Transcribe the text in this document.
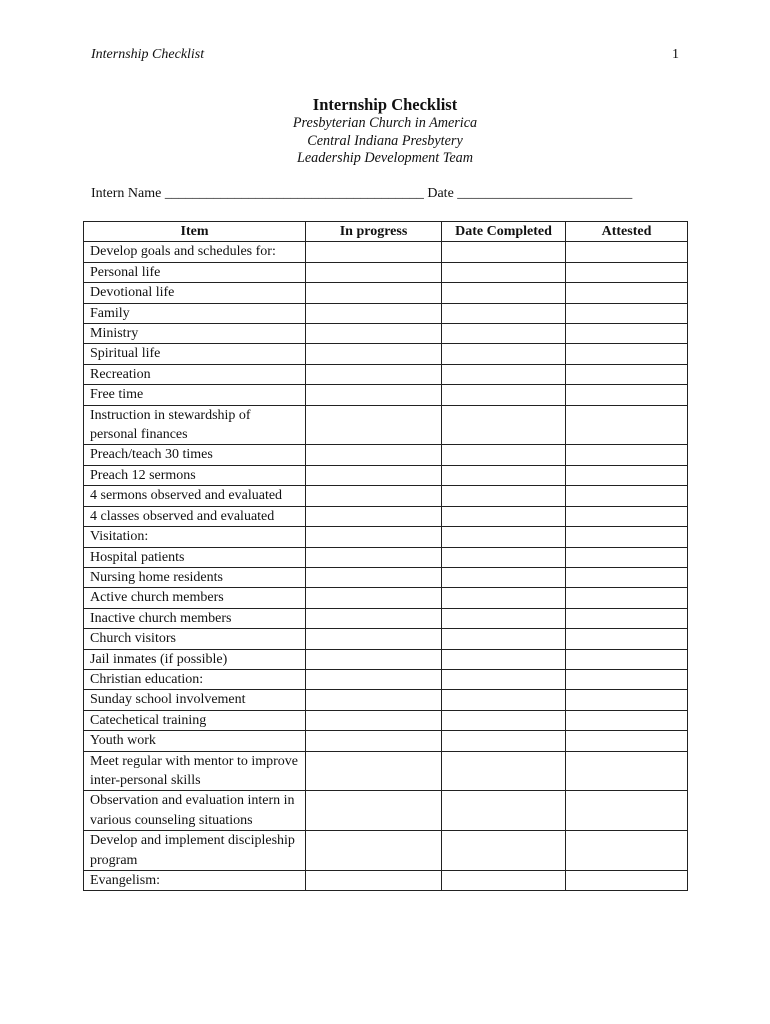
Internship Checklist	1
Internship Checklist
Presbyterian Church in America
Central Indiana Presbytery
Leadership Development Team
Intern Name _____________________________________ Date _________________________
Item	In progress	Date Completed	Attested
Develop goals and schedules for:			
Personal life			
Devotional life			
Family			
Ministry			
Spiritual life			
Recreation			
Free time			
Instruction in stewardship of personal finances			
Preach/teach 30 times			
Preach 12 sermons			
4 sermons observed and evaluated			
4 classes observed and evaluated			
Visitation:			
Hospital patients			
Nursing home residents			
Active church members			
Inactive church members			
Church visitors			
Jail inmates (if possible)			
Christian education:			
Sunday school involvement			
Catechetical training			
Youth work			
Meet regular with mentor to improve inter-personal skills			
Observation and evaluation intern in various counseling situations			
Develop and implement discipleship program			
Evangelism:			
